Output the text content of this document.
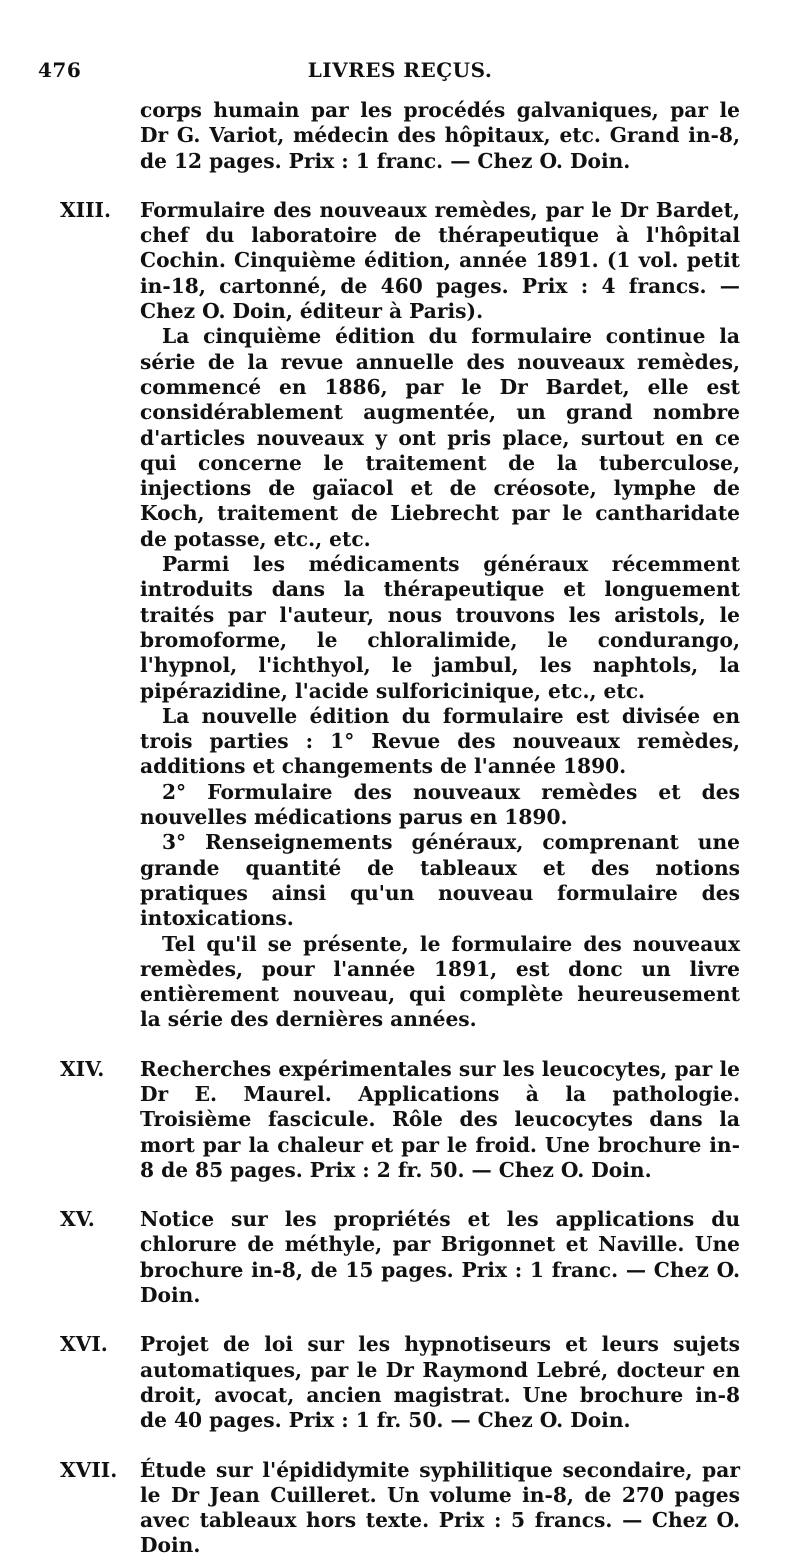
476	LIVRES REÇUS.

corps humain par les procédés galvaniques, par le Dr G. Variot, médecin des hôpitaux, etc. Grand in-8, de 12 pages. Prix : 1 franc. — Chez O. Doin.

XIII.	Formulaire des nouveaux remèdes, par le Dr Bardet, chef du laboratoire de thérapeutique à l'hôpital Cochin. Cinquième édition, année 1891. (1 vol. petit in-18, cartonné, de 460 pages. Prix : 4 francs. — Chez O. Doin, éditeur à Paris).

La cinquième édition du formulaire continue la série de la revue annuelle des nouveaux remèdes, commencé en 1886, par le Dr Bardet, elle est considérablement augmentée, un grand nombre d'articles nouveaux y ont pris place, surtout en ce qui concerne le traitement de la tuberculose, injections de gaïacol et de créosote, lymphe de Koch, traitement de Liebrecht par le cantharidate de potasse, etc., etc.

Parmi les médicaments généraux récemment introduits dans la thérapeutique et longuement traités par l'auteur, nous trouvons les aristols, le bromoforme, le chloralimide, le condurango, l'hypnol, l'ichthyol, le jambul, les naphtols, la pipérazidine, l'acide sulforicinique, etc., etc.

La nouvelle édition du formulaire est divisée en trois parties : 1° Revue des nouveaux remèdes, additions et changements de l'année 1890.

2° Formulaire des nouveaux remèdes et des nouvelles médications parus en 1890.

3° Renseignements généraux, comprenant une grande quantité de tableaux et des notions pratiques ainsi qu'un nouveau formulaire des intoxications.

Tel qu'il se présente, le formulaire des nouveaux remèdes, pour l'année 1891, est donc un livre entièrement nouveau, qui complète heureusement la série des dernières années.

XIV.	Recherches expérimentales sur les leucocytes, par le Dr E. Maurel. Applications à la pathologie. Troisième fascicule. Rôle des leucocytes dans la mort par la chaleur et par le froid. Une brochure in-8 de 85 pages. Prix : 2 fr. 50. — Chez O. Doin.

XV.	Notice sur les propriétés et les applications du chlorure de méthyle, par Brigonnet et Naville. Une brochure in-8, de 15 pages. Prix : 1 franc. — Chez O. Doin.

XVI.	Projet de loi sur les hypnotiseurs et leurs sujets automatiques, par le Dr Raymond Lebré, docteur en droit, avocat, ancien magistrat. Une brochure in-8 de 40 pages. Prix : 1 fr. 50. — Chez O. Doin.

XVII.	Étude sur l'épididymite syphilitique secondaire, par le Dr Jean Cuilleret. Un volume in-8, de 270 pages avec tableaux hors texte. Prix : 5 francs. — Chez O. Doin.
